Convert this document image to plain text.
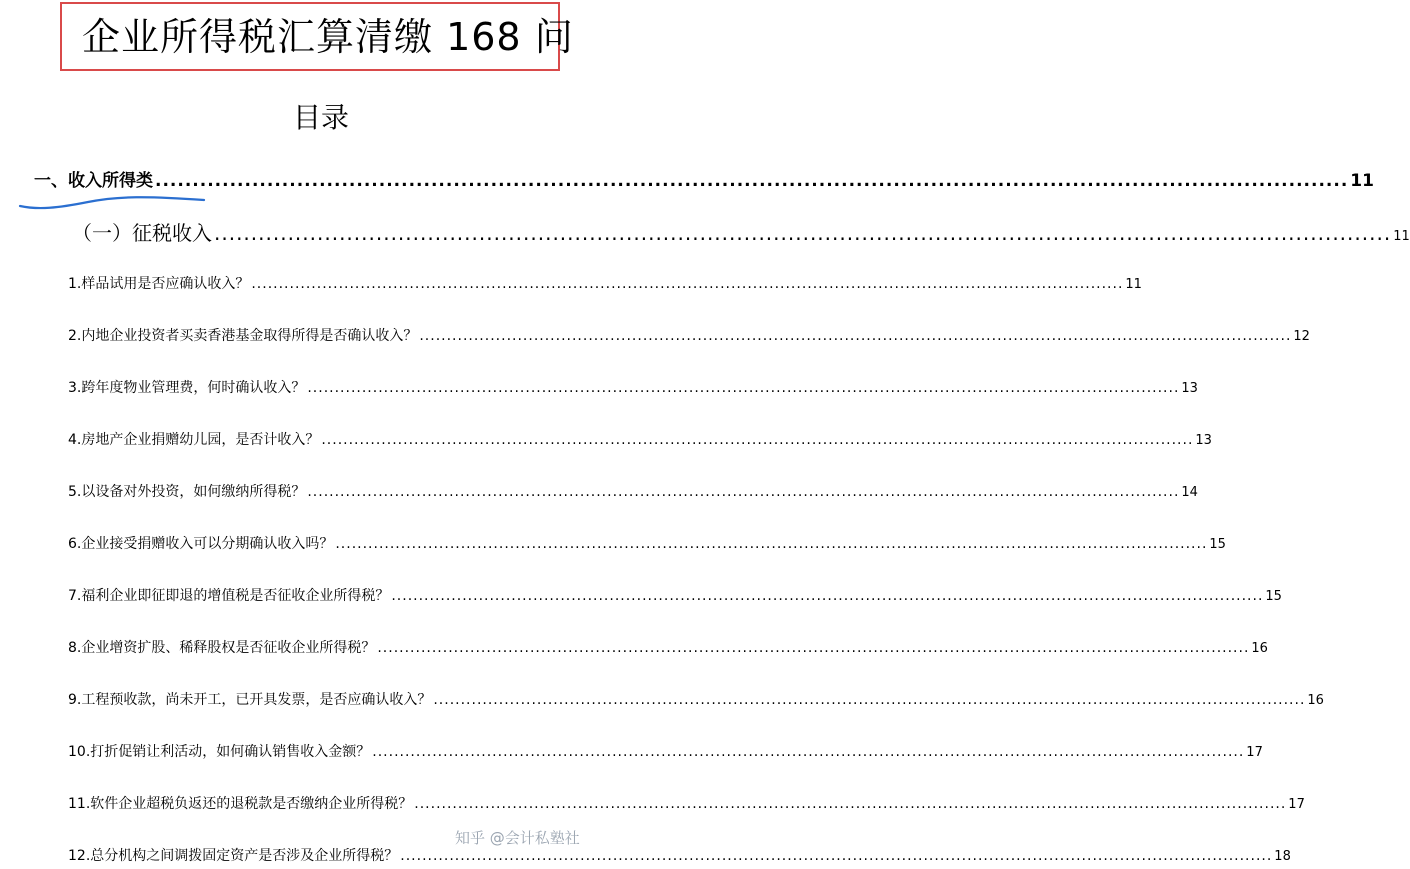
企业所得税汇算清缴 168 问
目录
一、收入所得类 ................................................................................................................................................................ 11
（一）征税收入 ................................................................................................................................................................ 11
1.样品试用是否应确认收入？ ................................................................................................................................................................ 11
2.内地企业投资者买卖香港基金取得所得是否确认收入？ ................................................................................................................................................................ 12
3.跨年度物业管理费，何时确认收入？ ................................................................................................................................................................ 13
4.房地产企业捐赠幼儿园，是否计收入？ ................................................................................................................................................................ 13
5.以设备对外投资，如何缴纳所得税？ ................................................................................................................................................................ 14
6.企业接受捐赠收入可以分期确认收入吗？ ................................................................................................................................................................ 15
7.福利企业即征即退的增值税是否征收企业所得税？ ................................................................................................................................................................ 15
8.企业增资扩股、稀释股权是否征收企业所得税？ ................................................................................................................................................................ 16
9.工程预收款，尚未开工，已开具发票，是否应确认收入？ ................................................................................................................................................................ 16
10.打折促销让利活动，如何确认销售收入金额？ ................................................................................................................................................................ 17
11.软件企业超税负返还的退税款是否缴纳企业所得税？ ................................................................................................................................................................ 17
12.总分机构之间调拨固定资产是否涉及企业所得税？ ................................................................................................................................................................ 18
知乎 @会计私塾社
